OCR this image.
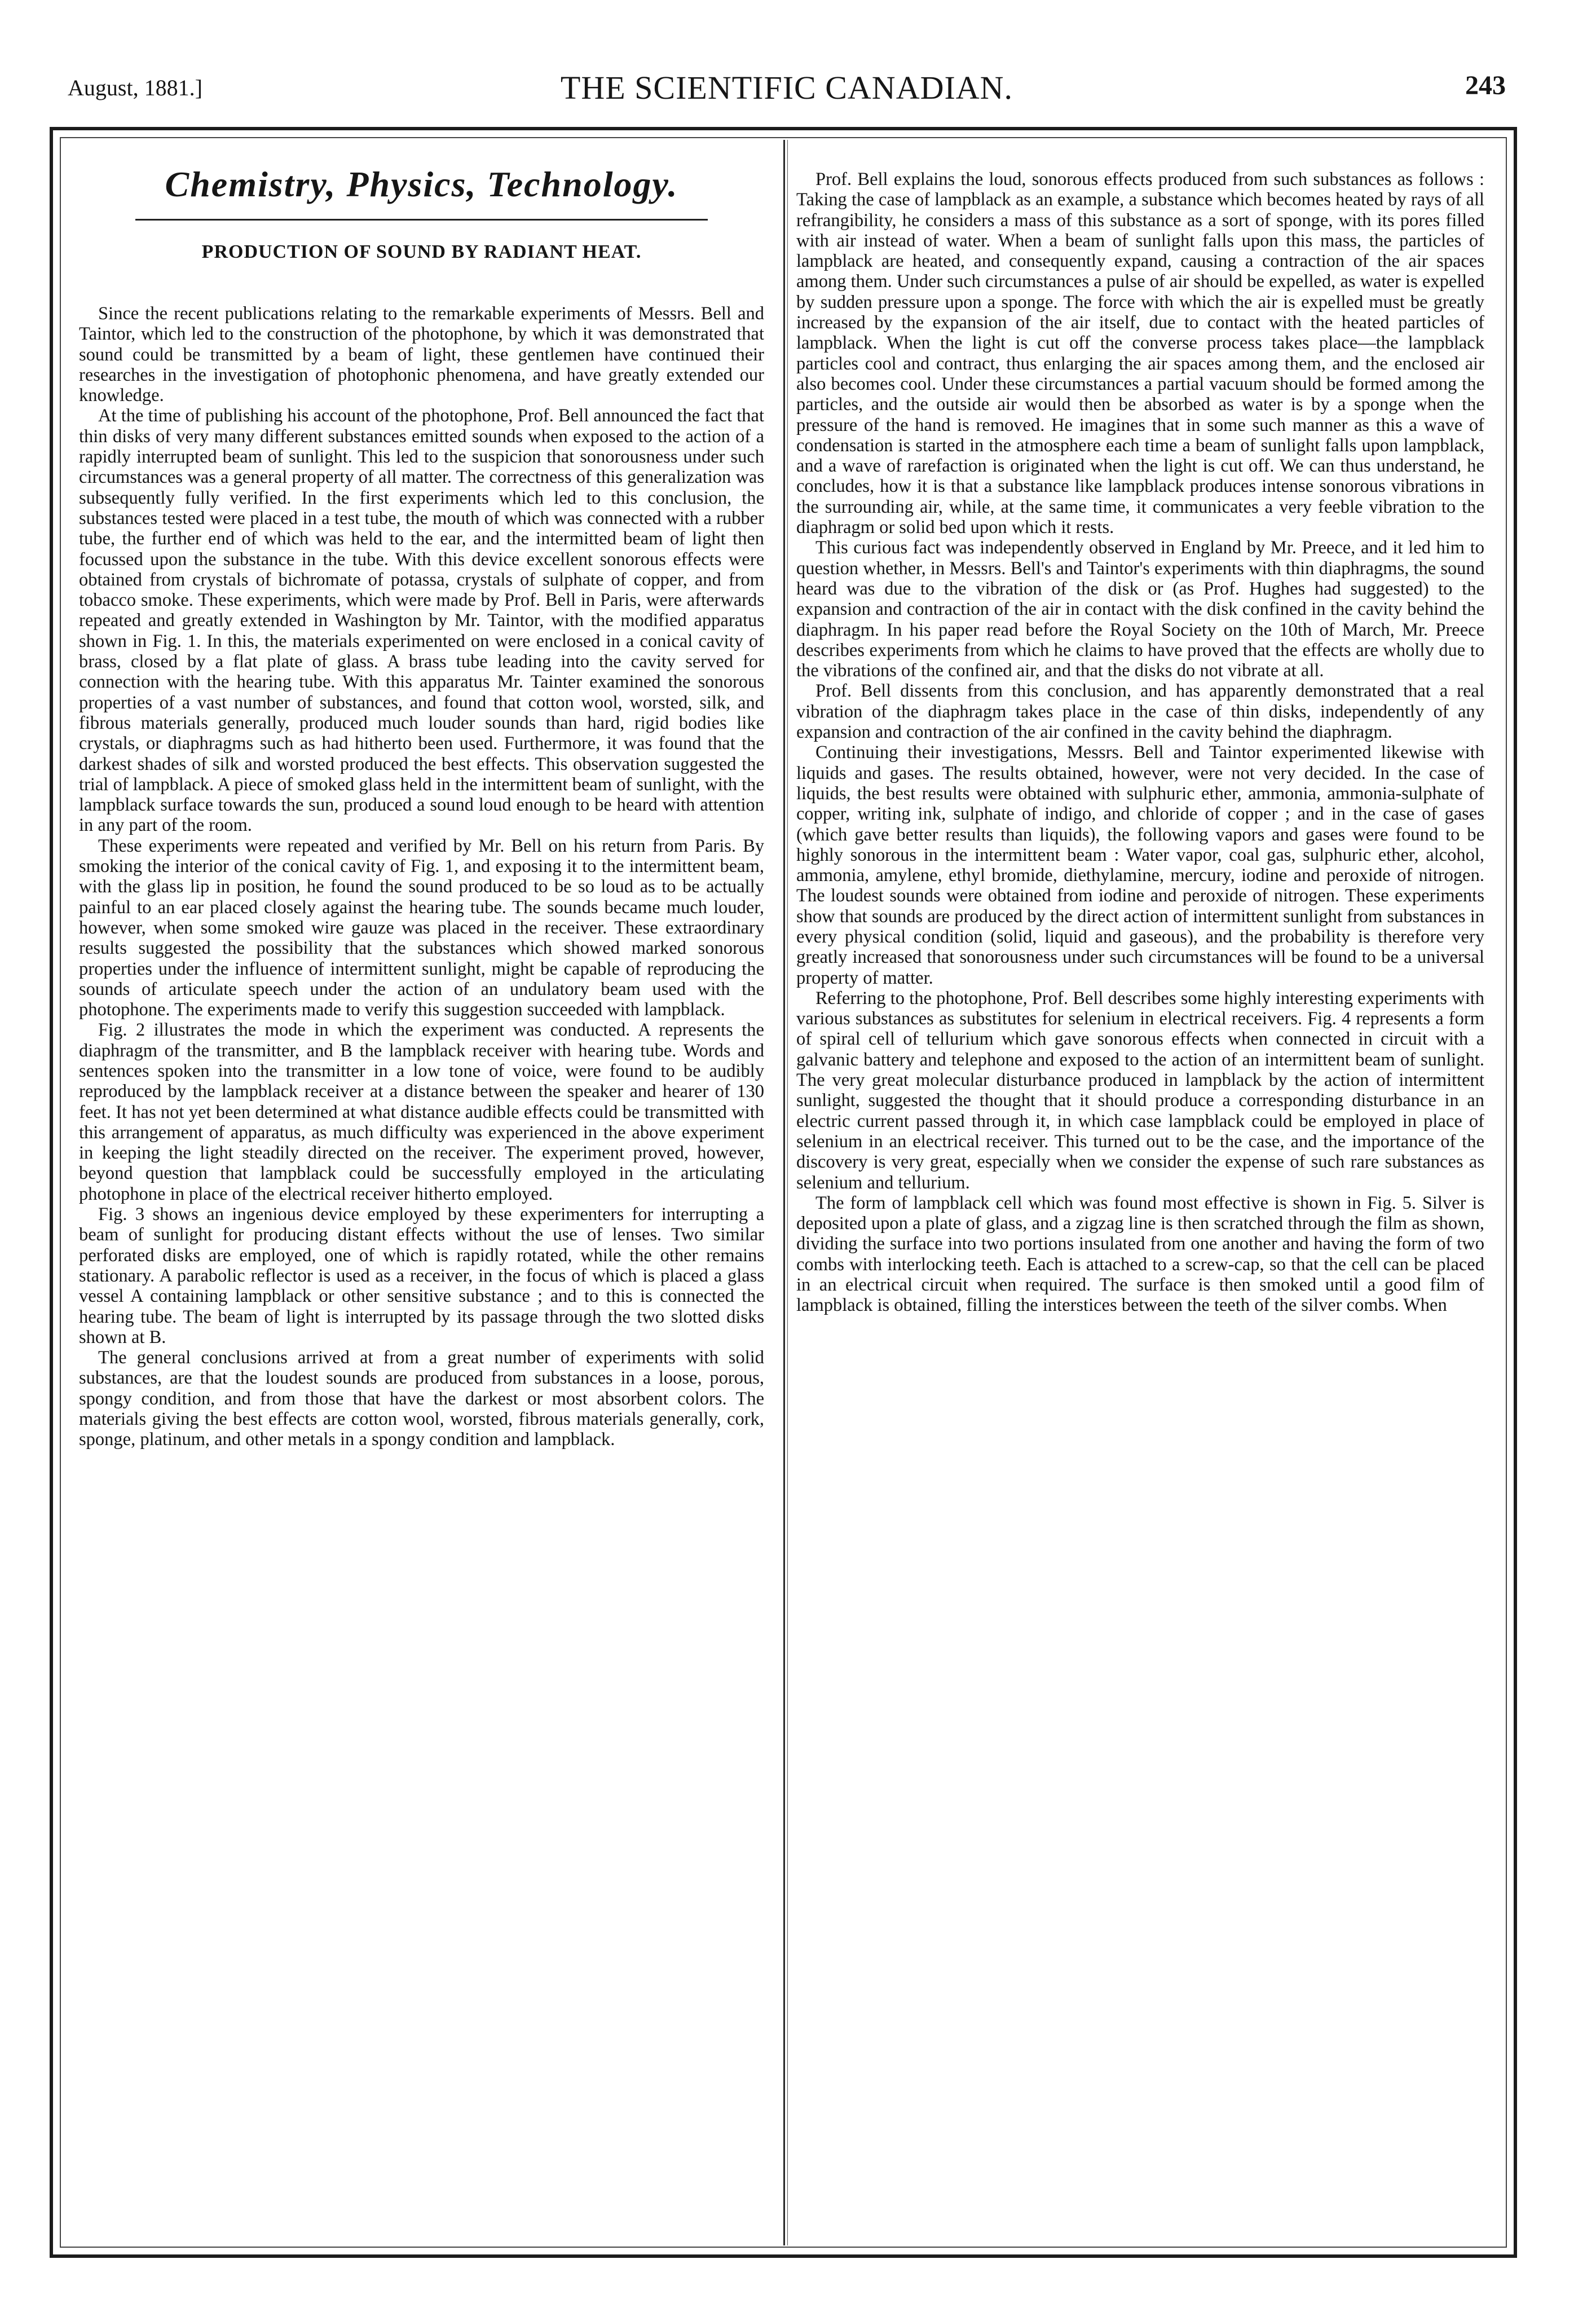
August, 1881.]	THE SCIENTIFIC CANADIAN.	243
Chemistry, Physics, Technology.
PRODUCTION OF SOUND BY RADIANT HEAT.

Since the recent publications relating to the remarkable experiments of Messrs. Bell and Taintor, which led to the construction of the photophone, by which it was demonstrated that sound could be transmitted by a beam of light, these gentlemen have continued their researches in the investigation of photophonic phenomena, and have greatly extended our knowledge.

At the time of publishing his account of the photophone, Prof. Bell announced the fact that thin disks of very many different substances emitted sounds when exposed to the action of a rapidly interrupted beam of sunlight. This led to the suspicion that sonorousness under such circumstances was a general property of all matter. The correctness of this generalization was subsequently fully verified. In the first experiments which led to this conclusion, the substances tested were placed in a test tube, the mouth of which was connected with a rubber tube, the further end of which was held to the ear, and the intermitted beam of light then focussed upon the substance in the tube. With this device excellent sonorous effects were obtained from crystals of bichromate of potassa, crystals of sulphate of copper, and from tobacco smoke. These experiments, which were made by Prof. Bell in Paris, were afterwards repeated and greatly extended in Washington by Mr. Taintor, with the modified apparatus shown in Fig. 1. In this, the materials experimented on were enclosed in a conical cavity of brass, closed by a flat plate of glass. A brass tube leading into the cavity served for connection with the hearing tube. With this apparatus Mr. Tainter examined the sonorous properties of a vast number of substances, and found that cotton wool, worsted, silk, and fibrous materials generally, produced much louder sounds than hard, rigid bodies like crystals, or diaphragms such as had hitherto been used. Furthermore, it was found that the darkest shades of silk and worsted produced the best effects. This observation suggested the trial of lampblack. A piece of smoked glass held in the intermittent beam of sunlight, with the lampblack surface towards the sun, produced a sound loud enough to be heard with attention in any part of the room.

These experiments were repeated and verified by Mr. Bell on his return from Paris. By smoking the interior of the conical cavity of Fig. 1, and exposing it to the intermittent beam, with the glass lip in position, he found the sound produced to be so loud as to be actually painful to an ear placed closely against the hearing tube. The sounds became much louder, however, when some smoked wire gauze was placed in the receiver. These extraordinary results suggested the possibility that the substances which showed marked sonorous properties under the influence of intermittent sunlight, might be capable of reproducing the sounds of articulate speech under the action of an undulatory beam used with the photophone. The experiments made to verify this suggestion succeeded with lampblack.

Fig. 2 illustrates the mode in which the experiment was conducted. A represents the diaphragm of the transmitter, and B the lampblack receiver with hearing tube. Words and sentences spoken into the transmitter in a low tone of voice, were found to be audibly reproduced by the lampblack receiver at a distance between the speaker and hearer of 130 feet. It has not yet been determined at what distance audible effects could be transmitted with this arrangement of apparatus, as much difficulty was experienced in the above experiment in keeping the light steadily directed on the receiver. The experiment proved, however, beyond question that lampblack could be successfully employed in the articulating photophone in place of the electrical receiver hitherto employed.

Fig. 3 shows an ingenious device employed by these experimenters for interrupting a beam of sunlight for producing distant effects without the use of lenses. Two similar perforated disks are employed, one of which is rapidly rotated, while the other remains stationary. A parabolic reflector is used as a receiver, in the focus of which is placed a glass vessel A containing lampblack or other sensitive substance ; and to this is connected the hearing tube. The beam of light is interrupted by its passage through the two slotted disks shown at B.

The general conclusions arrived at from a great number of experiments with solid substances, are that the loudest sounds are produced from substances in a loose, porous, spongy condition, and from those that have the darkest or most absorbent colors. The materials giving the best effects are cotton wool, worsted, fibrous materials generally, cork, sponge, platinum, and other metals in a spongy condition and lampblack.

Prof. Bell explains the loud, sonorous effects produced from such substances as follows : Taking the case of lampblack as an example, a substance which becomes heated by rays of all refrangibility, he considers a mass of this substance as a sort of sponge, with its pores filled with air instead of water. When a beam of sunlight falls upon this mass, the particles of lampblack are heated, and consequently expand, causing a contraction of the air spaces among them. Under such circumstances a pulse of air should be expelled, as water is expelled by sudden pressure upon a sponge. The force with which the air is expelled must be greatly increased by the expansion of the air itself, due to contact with the heated particles of lampblack. When the light is cut off the converse process takes place—the lampblack particles cool and contract, thus enlarging the air spaces among them, and the enclosed air also becomes cool. Under these circumstances a partial vacuum should be formed among the particles, and the outside air would then be absorbed as water is by a sponge when the pressure of the hand is removed. He imagines that in some such manner as this a wave of condensation is started in the atmosphere each time a beam of sunlight falls upon lampblack, and a wave of rarefaction is originated when the light is cut off. We can thus understand, he concludes, how it is that a substance like lampblack produces intense sonorous vibrations in the surrounding air, while, at the same time, it communicates a very feeble vibration to the diaphragm or solid bed upon which it rests.

This curious fact was independently observed in England by Mr. Preece, and it led him to question whether, in Messrs. Bell's and Taintor's experiments with thin diaphragms, the sound heard was due to the vibration of the disk or (as Prof. Hughes had suggested) to the expansion and contraction of the air in contact with the disk confined in the cavity behind the diaphragm. In his paper read before the Royal Society on the 10th of March, Mr. Preece describes experiments from which he claims to have proved that the effects are wholly due to the vibrations of the confined air, and that the disks do not vibrate at all.

Prof. Bell dissents from this conclusion, and has apparently demonstrated that a real vibration of the diaphragm takes place in the case of thin disks, independently of any expansion and contraction of the air confined in the cavity behind the diaphragm.

Continuing their investigations, Messrs. Bell and Taintor experimented likewise with liquids and gases. The results obtained, however, were not very decided. In the case of liquids, the best results were obtained with sulphuric ether, ammonia, ammonia-sulphate of copper, writing ink, sulphate of indigo, and chloride of copper ; and in the case of gases (which gave better results than liquids), the following vapors and gases were found to be highly sonorous in the intermittent beam : Water vapor, coal gas, sulphuric ether, alcohol, ammonia, amylene, ethyl bromide, diethylamine, mercury, iodine and peroxide of nitrogen. The loudest sounds were obtained from iodine and peroxide of nitrogen. These experiments show that sounds are produced by the direct action of intermittent sunlight from substances in every physical condition (solid, liquid and gaseous), and the probability is therefore very greatly increased that sonorousness under such circumstances will be found to be a universal property of matter.

Referring to the photophone, Prof. Bell describes some highly interesting experiments with various substances as substitutes for selenium in electrical receivers. Fig. 4 represents a form of spiral cell of tellurium which gave sonorous effects when connected in circuit with a galvanic battery and telephone and exposed to the action of an intermittent beam of sunlight. The very great molecular disturbance produced in lampblack by the action of intermittent sunlight, suggested the thought that it should produce a corresponding disturbance in an electric current passed through it, in which case lampblack could be employed in place of selenium in an electrical receiver. This turned out to be the case, and the importance of the discovery is very great, especially when we consider the expense of such rare substances as selenium and tellurium.

The form of lampblack cell which was found most effective is shown in Fig. 5. Silver is deposited upon a plate of glass, and a zigzag line is then scratched through the film as shown, dividing the surface into two portions insulated from one another and having the form of two combs with interlocking teeth. Each is attached to a screw-cap, so that the cell can be placed in an electrical circuit when required. The surface is then smoked until a good film of lampblack is obtained, filling the interstices between the teeth of the silver combs. When
